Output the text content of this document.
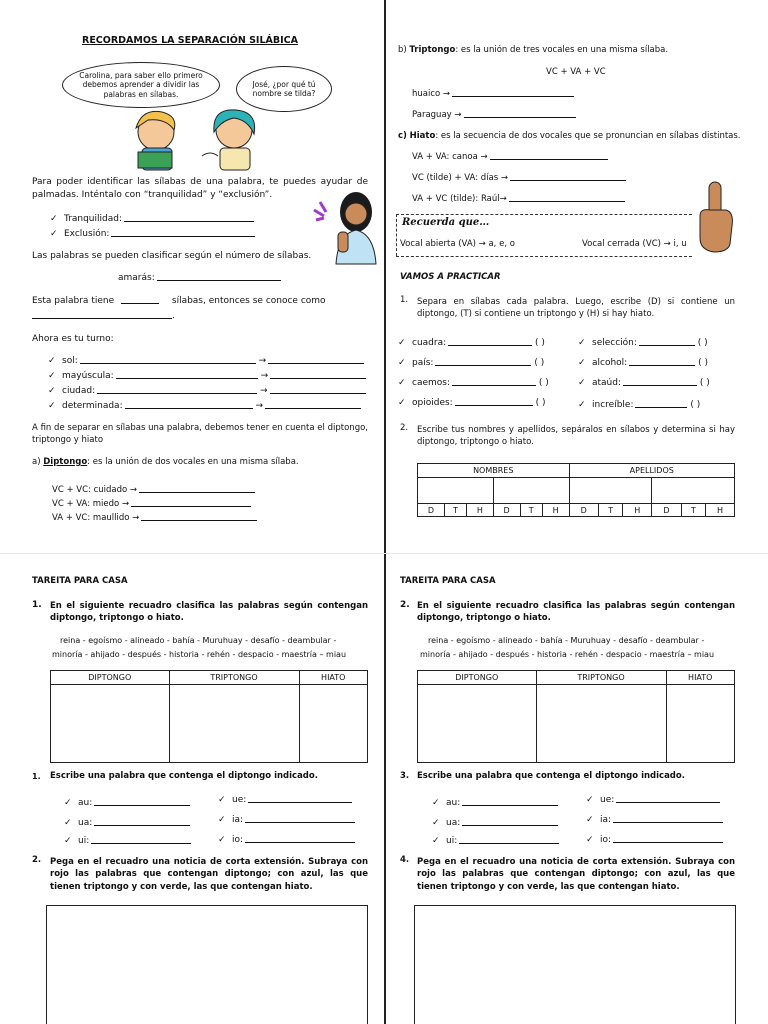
RECORDAMOS LA SEPARACIÓN SILÁBICA
Carolina, para saber ello primero debemos aprender a dividir las palabras en sílabas.
José, ¿por qué tú nombre se tilda?
Para poder identificar las sílabas de una palabra, te puedes ayudar de palmadas. Inténtalo con “tranquilidad” y “exclusión”.
✓ Tranquilidad:
✓ Exclusión:
Las palabras se pueden clasificar según el número de sílabas.
amarás:
Esta palabra tiene	sílabas, entonces se conoce como
.
Ahora es tu turno:
✓ sol:	→
✓ mayúscula:	→
✓ ciudad:	→
✓ determinada:	→
A fin de separar en sílabas una palabra, debemos tener en cuenta el diptongo, triptongo y hiato
a) Diptongo: es la unión de dos vocales en una misma sílaba.
VC + VC: cuidado →
VC + VA: miedo →
VA + VC: maullido →
b) Triptongo: es la unión de tres vocales en una misma sílaba.
VC + VA + VC
huaico →
Paraguay →
c) Hiato: es la secuencia de dos vocales que se pronuncian en sílabas distintas.
VA + VA: canoa →
VC (tilde) + VA: días →
VA + VC (tilde): Raúl→
Recuerda que…
Vocal abierta (VA) → a, e, o	Vocal cerrada (VC) → i, u
VAMOS A PRACTICAR
1. Separa en sílabas cada palabra. Luego, escribe (D) si contiene un diptongo, (T) si contiene un triptongo y (H) si hay hiato.
✓ cuadra:	( )
✓ país:	( )
✓ caemos:	( )
✓ opioides:	( )
✓ selección:	( )
✓ alcohol:	( )
✓ ataúd:	( )
✓ increíble:	( )
2. Escribe tus nombres y apellidos, sepáralos en sílabos y determina si hay diptongo, triptongo o hiato.
NOMBRES						APELLIDOS					

D	T	H	D	T	H	D	T	H	D	T	H
TAREITA PARA CASA
1. En el siguiente recuadro clasifica las palabras según contengan diptongo, triptongo o hiato.
reina - egoísmo - alineado - bahía - Muruhuay - desafío - deambular -
minoría - ahijado - después - historia - rehén - despacio - maestría – miau
DIPTONGO	TRIPTONGO	HIATO

1. Escribe una palabra que contenga el diptongo indicado.
✓ au:
✓ ua:
✓ ui:
✓ ue:
✓ ia:
✓ io:
2. Pega en el recuadro una noticia de corta extensión. Subraya con rojo las palabras que contengan diptongo; con azul, las que tienen triptongo y con verde, las que contengan hiato.
TAREITA PARA CASA
2. En el siguiente recuadro clasifica las palabras según contengan diptongo, triptongo o hiato.
reina - egoísmo - alineado - bahía - Muruhuay - desafío - deambular -
minoría - ahijado - después - historia - rehén - despacio - maestría – miau
DIPTONGO	TRIPTONGO	HIATO

3. Escribe una palabra que contenga el diptongo indicado.
✓ au:
✓ ua:
✓ ui:
✓ ue:
✓ ia:
✓ io:
4. Pega en el recuadro una noticia de corta extensión. Subraya con rojo las palabras que contengan diptongo; con azul, las que tienen triptongo y con verde, las que contengan hiato.
